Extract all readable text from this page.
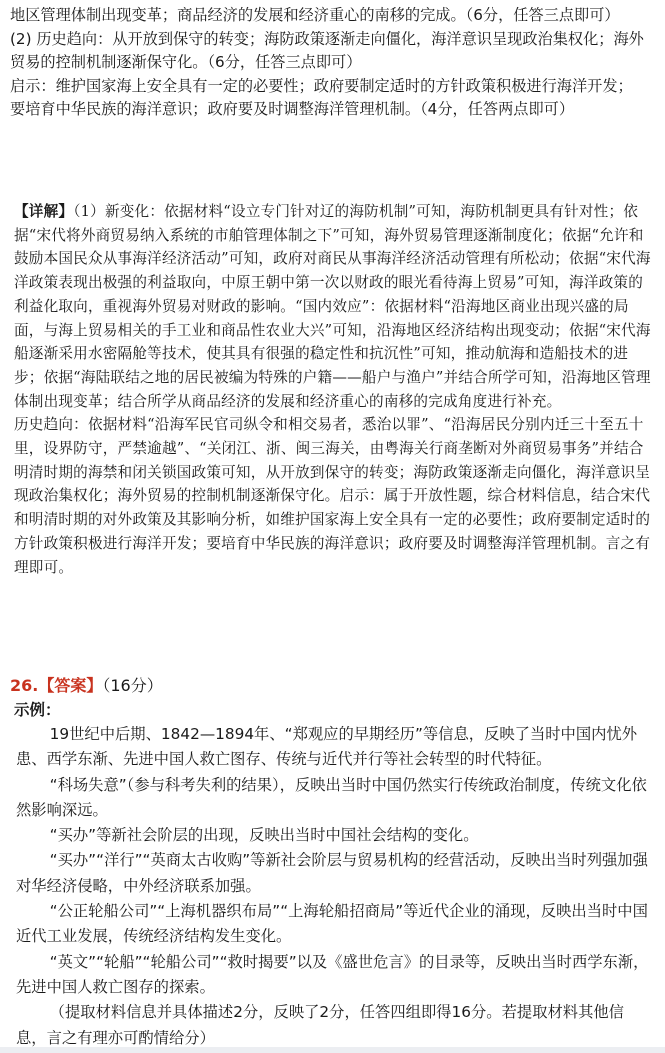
地区管理体制出现变革；商品经济的发展和经济重心的南移的完成。（6分，任答三点即可）

(2) 历史趋向：从开放到保守的转变；海防政策逐渐走向僵化，海洋意识呈现政治集权化；海外贸易的控制机制逐渐保守化。（6分，任答三点即可）

启示：维护国家海上安全具有一定的必要性；政府要制定适时的方针政策积极进行海洋开发；要培育中华民族的海洋意识；政府要及时调整海洋管理机制。（4分，任答两点即可）

【详解】（1）新变化：依据材料“设立专门针对辽的海防机制”可知，海防机制更具有针对性；依据“宋代将外商贸易纳入系统的市舶管理体制之下”可知，海外贸易管理逐渐制度化；依据“允许和鼓励本国民众从事海洋经济活动”可知，政府对商民从事海洋经济活动管理有所松动；依据“宋代海洋政策表现出极强的利益取向，中原王朝中第一次以财政的眼光看待海上贸易”可知，海洋政策的利益化取向，重视海外贸易对财政的影响。“国内效应”：依据材料“沿海地区商业出现兴盛的局面，与海上贸易相关的手工业和商品性农业大兴”可知，沿海地区经济结构出现变动；依据“宋代海船逐渐采用水密隔舱等技术，使其具有很强的稳定性和抗沉性”可知，推动航海和造船技术的进步；依据“海陆联结之地的居民被编为特殊的户籍——船户与渔户”并结合所学可知，沿海地区管理体制出现变革；结合所学从商品经济的发展和经济重心的南移的完成角度进行补充。

历史趋向：依据材料“沿海军民官司纵令和相交易者，悉治以罪”、“沿海居民分别内迁三十至五十里，设界防守，严禁逾越”、“关闭江、浙、闽三海关，由粤海关行商垄断对外商贸易事务”并结合明清时期的海禁和闭关锁国政策可知，从开放到保守的转变；海防政策逐渐走向僵化，海洋意识呈现政治集权化；海外贸易的控制机制逐渐保守化。启示：属于开放性题，综合材料信息，结合宋代和明清时期的对外政策及其影响分析，如维护国家海上安全具有一定的必要性；政府要制定适时的方针政策积极进行海洋开发；要培育中华民族的海洋意识；政府要及时调整海洋管理机制。言之有理即可。

26.【答案】（16分）

示例：

19世纪中后期、1842—1894年、“郑观应的早期经历”等信息，反映了当时中国内忧外患、西学东渐、先进中国人救亡图存、传统与近代并行等社会转型的时代特征。

“科场失意”（参与科考失利的结果），反映出当时中国仍然实行传统政治制度，传统文化依然影响深远。

“买办”等新社会阶层的出现，反映出当时中国社会结构的变化。

“买办”“洋行”“英商太古收购”等新社会阶层与贸易机构的经营活动，反映出当时列强加强对华经济侵略，中外经济联系加强。

“公正轮船公司”“上海机器织布局”“上海轮船招商局”等近代企业的涌现，反映出当时中国近代工业发展，传统经济结构发生变化。

“英文”“轮船”“轮船公司”“救时揭要”以及《盛世危言》的目录等，反映出当时西学东渐，先进中国人救亡图存的探索。

（提取材料信息并具体描述2分，反映了2分，任答四组即得16分。若提取材料其他信息，言之有理亦可酌情给分）
